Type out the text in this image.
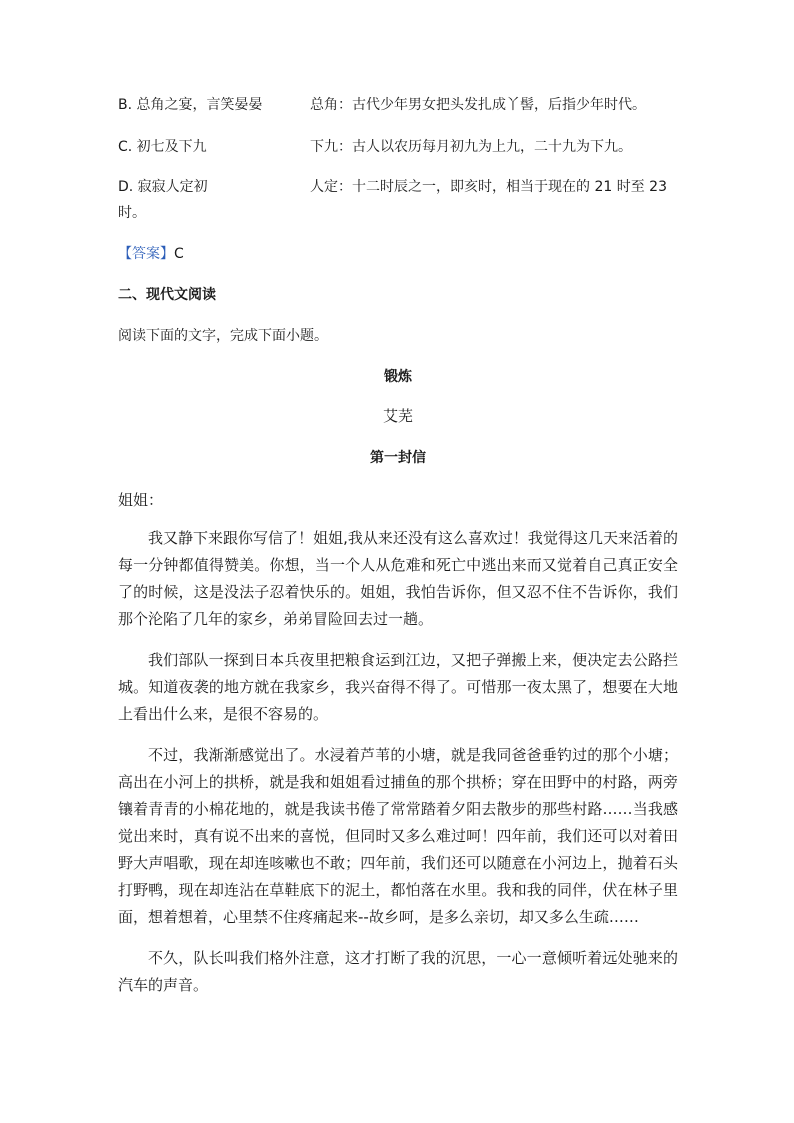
B. 总角之宴，言笑晏晏	总角：古代少年男女把头发扎成丫髻，后指少年时代。
C. 初七及下九	下九：古人以农历每月初九为上九，二十九为下九。
D. 寂寂人定初	人定：十二时辰之一，即亥时，相当于现在的 21 时至 23
时。
【答案】C
二、现代文阅读
阅读下面的文字，完成下面小题。
锻炼
艾芜
第一封信
姐姐：

我又静下来跟你写信了！姐姐,我从来还没有这么喜欢过！我觉得这几天来活着的每一分钟都值得赞美。你想，当一个人从危难和死亡中逃出来而又觉着自己真正安全了的时候，这是没法子忍着快乐的。姐姐，我怕告诉你，但又忍不住不告诉你，我们那个沦陷了几年的家乡，弟弟冒险回去过一趟。

我们部队一探到日本兵夜里把粮食运到江边，又把子弹搬上来，便决定去公路拦城。知道夜袭的地方就在我家乡，我兴奋得不得了。可惜那一夜太黑了，想要在大地上看出什么来，是很不容易的。

不过，我渐渐感觉出了。水浸着芦苇的小塘，就是我同爸爸垂钓过的那个小塘；高出在小河上的拱桥，就是我和姐姐看过捕鱼的那个拱桥；穿在田野中的村路，两旁镶着青青的小棉花地的，就是我读书倦了常常踏着夕阳去散步的那些村路……当我感觉出来时，真有说不出来的喜悦，但同时又多么难过呵！四年前，我们还可以对着田野大声唱歌，现在却连咳嗽也不敢；四年前，我们还可以随意在小河边上，抛着石头打野鸭，现在却连沾在草鞋底下的泥土，都怕落在水里。我和我的同伴，伏在林子里面，想着想着，心里禁不住疼痛起来--故乡呵，是多么亲切，却又多么生疏……

不久，队长叫我们格外注意，这才打断了我的沉思，一心一意倾听着远处驰来的汽车的声音。
